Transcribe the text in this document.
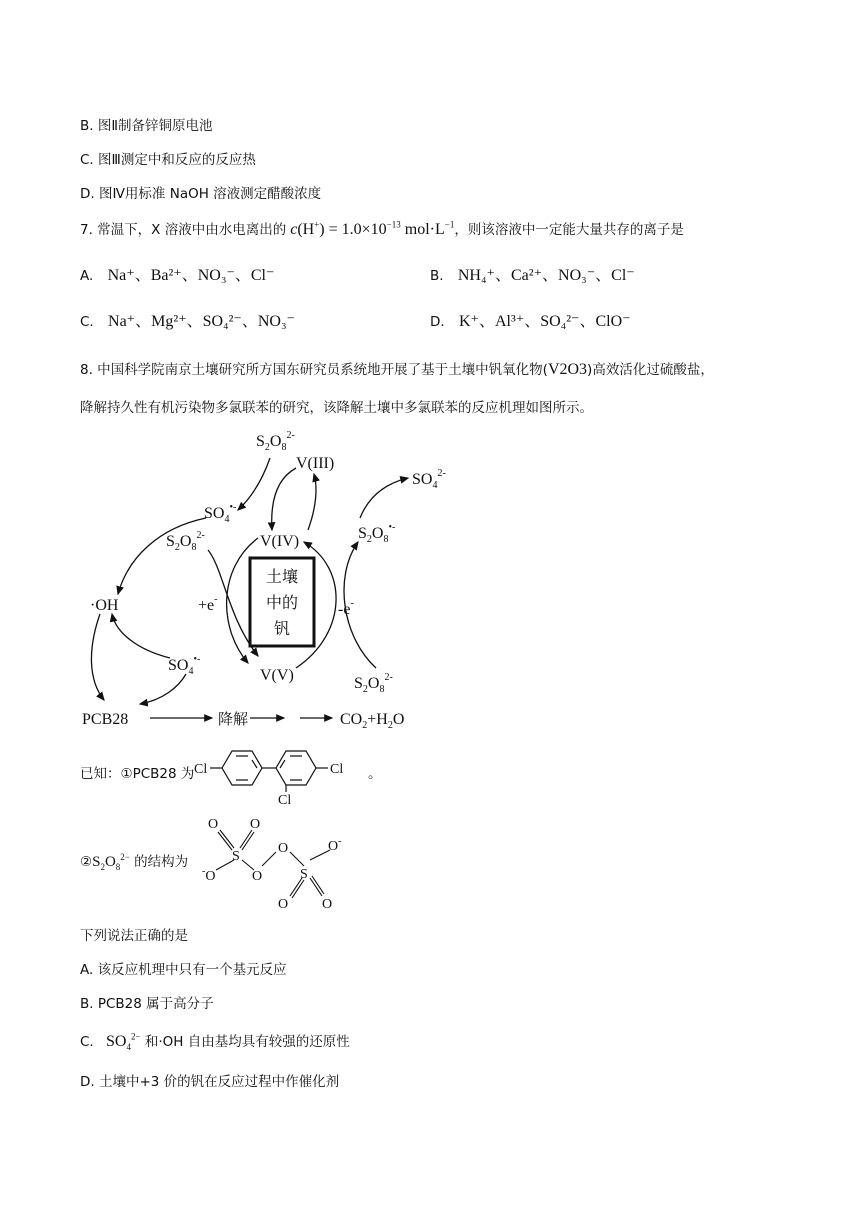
B. 图Ⅱ制备锌铜原电池
C. 图Ⅲ测定中和反应的反应热
D. 图Ⅳ用标准 NaOH 溶液测定醋酸浓度
7. 常温下，X 溶液中由水电离出的 $c(H^+) = 1.0\times 10^{-13}$ $mol\cdot L^{-1}$，则该溶液中一定能大量共存的离子是
A. Na⁺、Ba²⁺、NO₃⁻、Cl⁻	B. NH₄⁺、Ca²⁺、NO₃⁻、Cl⁻
C. Na⁺、Mg²⁺、SO₄²⁻、NO₃⁻	D. K⁺、Al³⁺、SO₄²⁻、ClO⁻
8. 中国科学院南京土壤研究所方国东研究员系统地开展了基于土壤中钒氧化物(V2O3)高效活化过硫酸盐，
降解持久性有机污染物多氯联苯的研究，该降解土壤中多氯联苯的反应机理如图所示。
$S_2O_8^{2-}$
V(III)
$SO_4^{•-}$
$S_2O_8^{2-}$	V(IV)	$S_2O_8^{•-}$
$SO_4^{2-}$
·OH	+e-
-e-
$SO_4^{•-}$
V(V)	$S_2O_8^{2-}$
PCB28	降解	$CO_2+H_2O$
土壤
中的
钒
已知：①PCB28 为 Cl	Cl
Cl
。
$②S_2O_8^{2-}$ 的结构为
O O
S
-O	O
O
S
O-
O O
下列说法正确的是
A. 该反应机理中只有一个基元反应
B. PCB28 属于高分子
C. $SO_4^{2-}$ 和·OH 自由基均具有较强的还原性
D. 土壤中+3 价的钒在反应过程中作催化剂
